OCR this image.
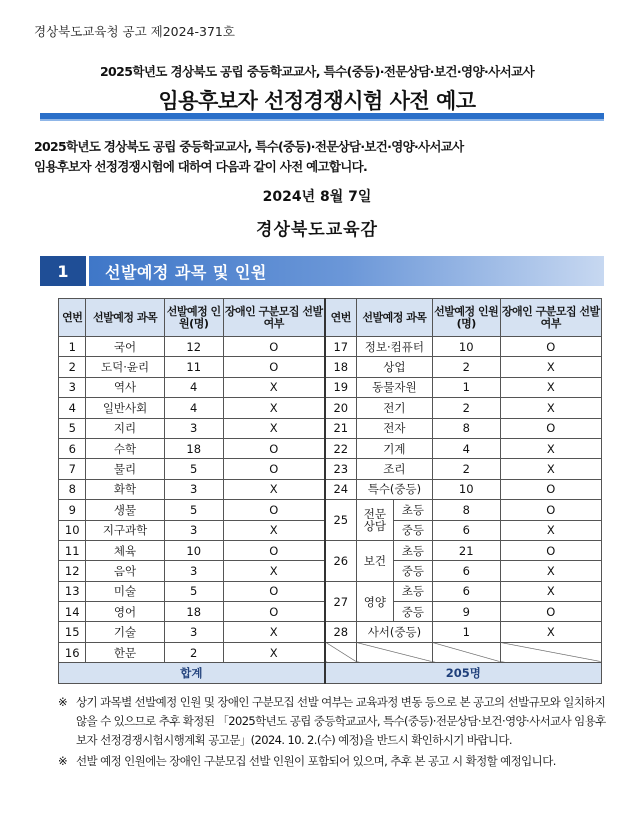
경상북도교육청 공고 제2024-371호
2025학년도 경상북도 공립 중등학교교사, 특수(중등)·전문상담·보건·영양·사서교사
임용후보자 선정경쟁시험 사전 예고
2025학년도 경상북도 공립 중등학교교사, 특수(중등)·전문상담·보건·영양·사서교사
임용후보자 선정경쟁시험에 대하여 다음과 같이 사전 예고합니다.
2024년 8월 7일
경상북도교육감
1	선발예정 과목 및 인원
연번	선발예정 과목	선발예정 인원(명)	장애인 구분모집 선발여부	연번	선발예정 과목		선발예정 인원(명)	장애인 구분모집 선발여부
1	국어	12	O	17	정보·컴퓨터		10	O
2	도덕·윤리	11	O	18	상업		2	X
3	역사	4	X	19	동물자원		1	X
4	일반사회	4	X	20	전기		2	X
5	지리	3	X	21	전자		8	O
6	수학	18	O	22	기계		4	X
7	물리	5	O	23	조리		2	X
8	화학	3	X	24	특수(중등)		10	O
9	생물	5	O	25	전문상담	초등	8	O
10	지구과학	3	X			중등	6	X
11	체육	10	O	26	보건	초등	21	O
12	음악	3	X			중등	6	X
13	미술	5	O	27	영양	초등	6	X
14	영어	18	O			중등	9	O
15	기술	3	X	28	사서(중등)		1	X
16	한문	2	X					
합계				205명				
※ 상기 과목별 선발예정 인원 및 장애인 구분모집 선발 여부는 교육과정 변동 등으로 본 공고의 선발규모와 일치하지 않을 수 있으므로 추후 확정된 「2025학년도 공립 중등학교교사, 특수(중등)·전문상담·보건·영양·사서교사 임용후보자 선정경쟁시험시행계획 공고문」(2024. 10. 2.(수) 예정)을 반드시 확인하시기 바랍니다.
※ 선발 예정 인원에는 장애인 구분모집 선발 인원이 포함되어 있으며, 추후 본 공고 시 확정할 예정입니다.
